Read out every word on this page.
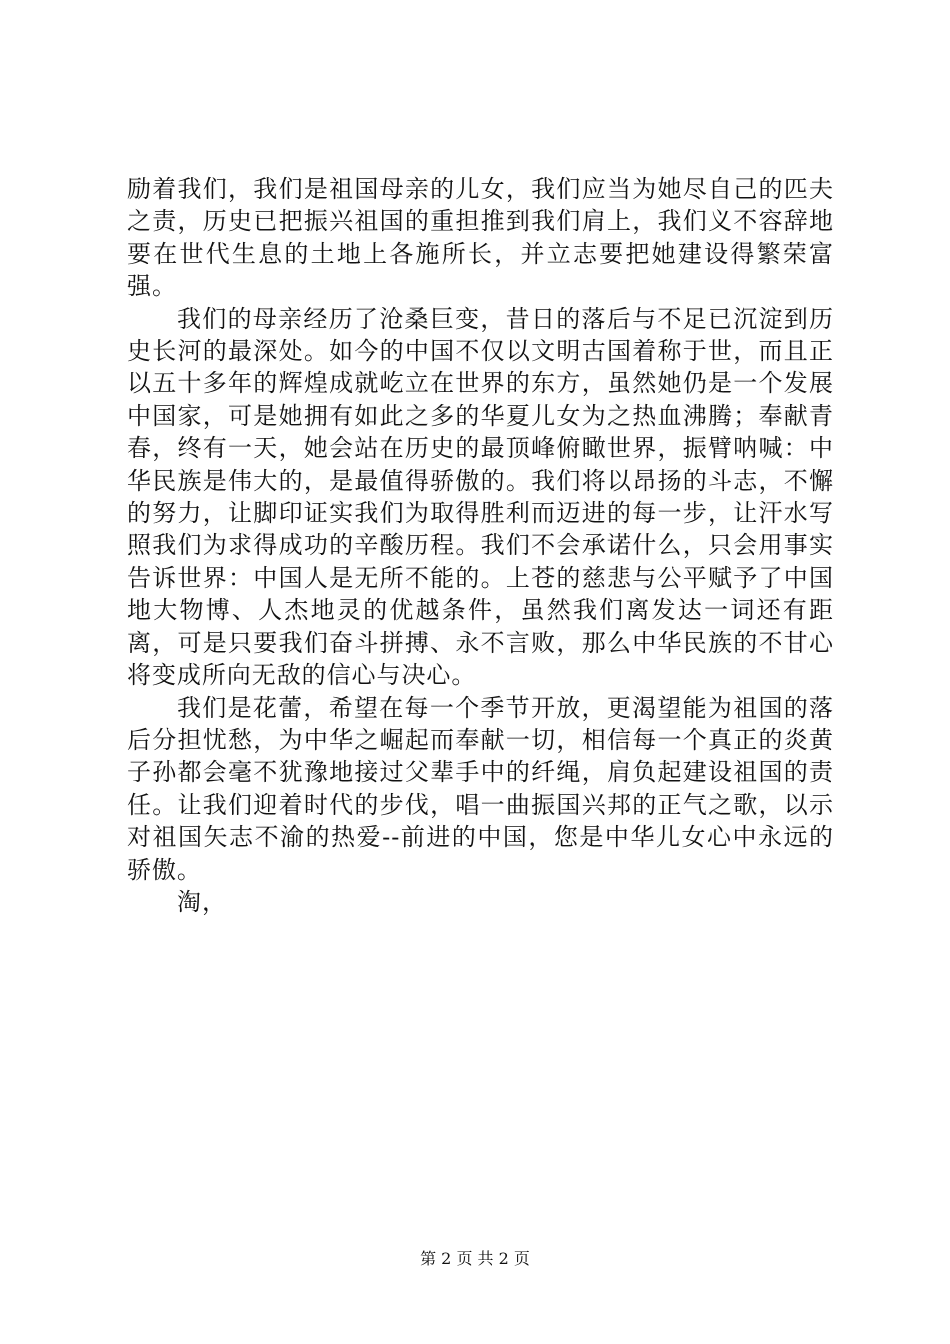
励着我们，我们是祖国母亲的儿女，我们应当为她尽自己的匹夫之责，历史已把振兴祖国的重担推到我们肩上，我们义不容辞地要在世代生息的土地上各施所长，并立志要把她建设得繁荣富强。

我们的母亲经历了沧桑巨变，昔日的落后与不足已沉淀到历史长河的最深处。如今的中国不仅以文明古国着称于世，而且正以五十多年的辉煌成就屹立在世界的东方，虽然她仍是一个发展中国家，可是她拥有如此之多的华夏儿女为之热血沸腾；奉献青春，终有一天，她会站在历史的最顶峰俯瞰世界，振臂呐喊：中华民族是伟大的，是最值得骄傲的。我们将以昂扬的斗志，不懈的努力，让脚印证实我们为取得胜利而迈进的每一步，让汗水写照我们为求得成功的辛酸历程。我们不会承诺什么，只会用事实告诉世界：中国人是无所不能的。上苍的慈悲与公平赋予了中国地大物博、人杰地灵的优越条件，虽然我们离发达一词还有距离，可是只要我们奋斗拼搏、永不言败，那么中华民族的不甘心将变成所向无敌的信心与决心。

我们是花蕾，希望在每一个季节开放，更渴望能为祖国的落后分担忧愁，为中华之崛起而奉献一切，相信每一个真正的炎黄子孙都会毫不犹豫地接过父辈手中的纤绳，肩负起建设祖国的责任。让我们迎着时代的步伐，唱一曲振国兴邦的正气之歌，以示对祖国矢志不渝的热爱--前进的中国，您是中华儿女心中永远的骄傲。

淘，

第 2 页 共 2 页
